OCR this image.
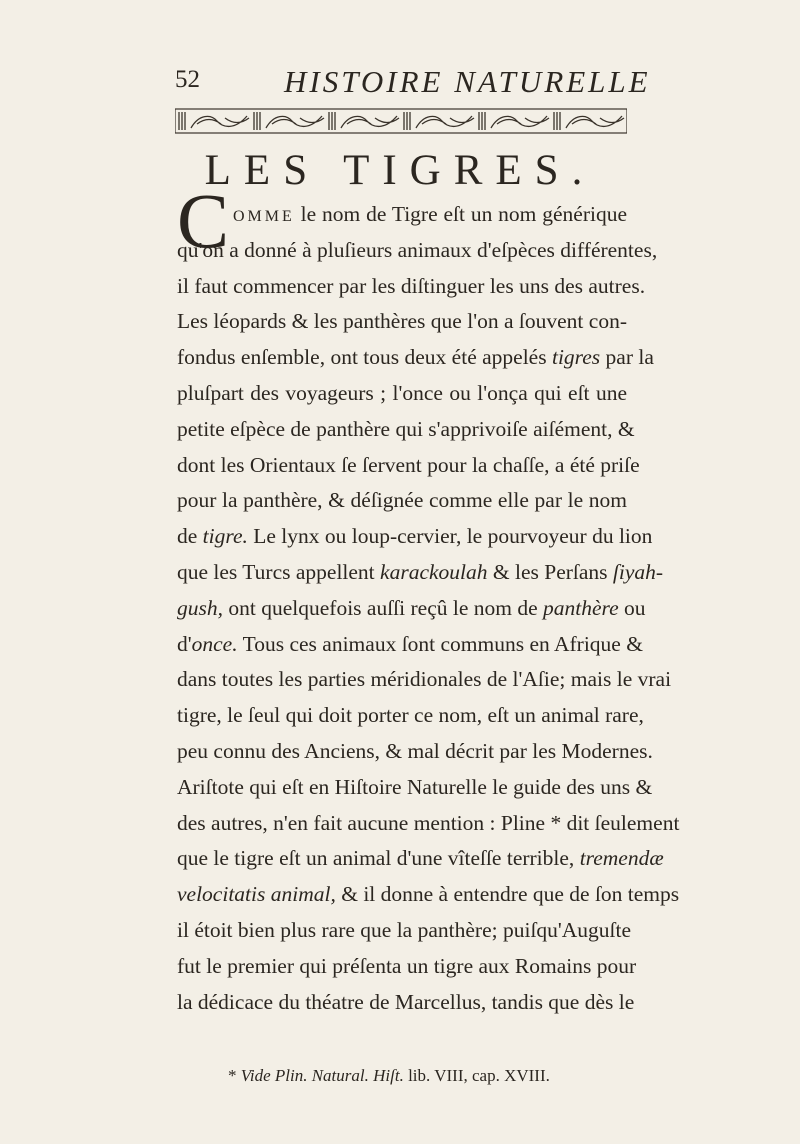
52	HISTOIRE NATURELLE
LES TIGRES.
C OMME le nom de Tigre eſt un nom générique
qu'on a donné à pluſieurs animaux d'eſpèces différentes,
il faut commencer par les diſtinguer les uns des autres.
Les léopards & les panthères que l'on a ſouvent con-
fondus enſemble, ont tous deux été appelés tigres par la
pluſpart des voyageurs ; l'once ou l'onça qui eſt une
petite eſpèce de panthère qui s'apprivoiſe aiſément, &
dont les Orientaux ſe ſervent pour la chaſſe, a été priſe
pour la panthère, & déſignée comme elle par le nom
de tigre. Le lynx ou loup-cervier, le pourvoyeur du lion
que les Turcs appellent karackoulah & les Perſans ſiyah-
gush, ont quelquefois auſſi reçû le nom de panthère ou
d'once. Tous ces animaux ſont communs en Afrique &
dans toutes les parties méridionales de l'Aſie; mais le vrai
tigre, le ſeul qui doit porter ce nom, eſt un animal rare,
peu connu des Anciens, & mal décrit par les Modernes.
Ariſtote qui eſt en Hiſtoire Naturelle le guide des uns &
des autres, n'en fait aucune mention : Pline * dit ſeulement
que le tigre eſt un animal d'une vîteſſe terrible, tremendæ
velocitatis animal, & il donne à entendre que de ſon temps
il étoit bien plus rare que la panthère; puiſqu'Auguſte
fut le premier qui préſenta un tigre aux Romains pour
la dédicace du théatre de Marcellus, tandis que dès le
* Vide Plin. Natural. Hiſt. lib. VIII, cap. XVIII.
